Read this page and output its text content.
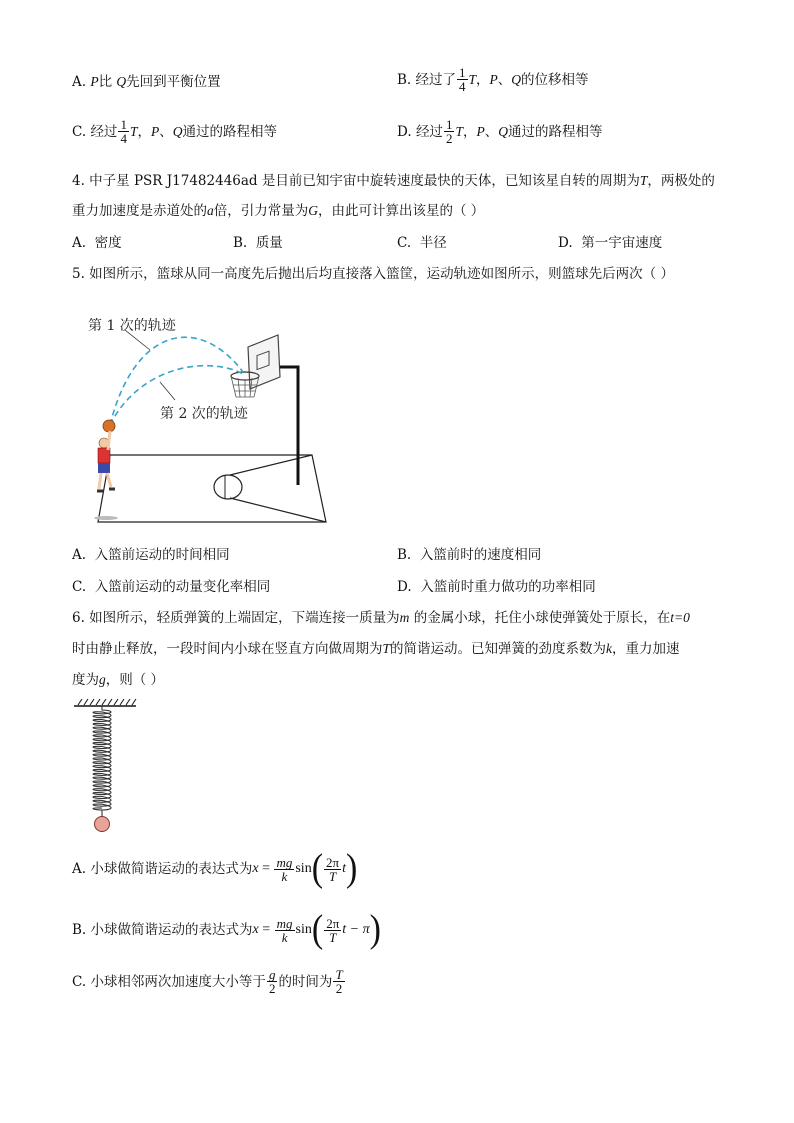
A. P比 Q先回到平衡位置	B.
经过了 $\frac{1}{4}$ T ， P 、 Q 的位移相等
C.
经过 $\frac{1}{4}$ T ， P 、 Q 通过的路程相等	D.
经过 $\frac{1}{2}$ T ， P 、 Q 通过的路程相等
4. 中子星 PSR J17482446ad 是目前已知宇宙中旋转速度最快的天体，已知该星自转的周期为T，两极处的
重力加速度是赤道处的a倍，引力常量为G，由此可计算出该星的（ ）
A. 密度	B. 质量	C. 半径	D. 第一宇宙速度
5. 如图所示，篮球从同一高度先后抛出后均直接落入篮筐，运动轨迹如图所示，则篮球先后两次（ ）
第 1 次的轨迹
第 2 次的轨迹
A. 入篮前运动的时间相同	B. 入篮前时的速度相同
C. 入篮前运动的动量变化率相同	D. 入篮前时重力做功的功率相同
6. 如图所示，轻质弹簧的上端固定，下端连接一质量为m 的金属小球，托住小球使弹簧处于原长，在t=0
时由静止释放，一段时间内小球在竖直方向做周期为T的简谐运动。已知弹簧的劲度系数为k，重力加速
度为g，则（ ）
A.
小球做简谐运动的表达式为 x
=
$\frac{mg}{k}$ sin ( $\frac{2\pi}{T}$ t )
B.
小球做简谐运动的表达式为 x
=
$\frac{mg}{k}$ sin ( $\frac{2\pi}{T}$ t − π )
C.
小球相邻两次加速度大小等于 $\frac{g}{2}$ 的时间为 $\frac{T}{2}$
